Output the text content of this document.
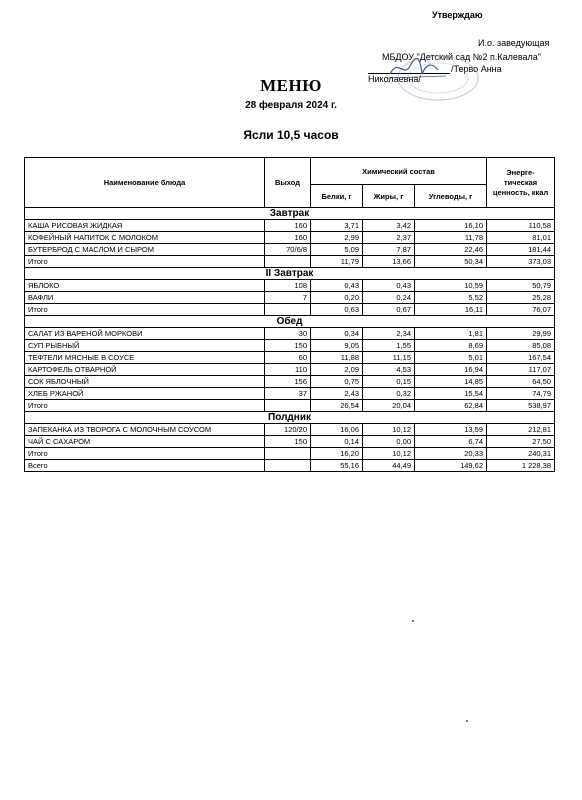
Утверждаю
И.о. заведующая
МБДОУ "Детский сад №2 п.Калевала"
/Терво Анна Николаевна/
МЕНЮ
28 февраля 2024 г.
Ясли 10,5 часов
Наименование блюда	Выход	Химический состав			Энерге-тическая ценность, ккал
		Белки, г	Жиры, г	Углеводы, г	
Завтрак					
КАША РИСОВАЯ ЖИДКАЯ	160	3,71	3,42	16,10	110,58
КОФЕЙНЫЙ НАПИТОК С МОЛОКОМ	160	2,99	2,37	11,78	81,01
БУТЕРБРОД С МАСЛОМ И СЫРОМ	70/6/8	5,09	7,87	22,46	181,44
Итого		11,79	13,66	50,34	373,03
II Завтрак					
ЯБЛОКО	108	0,43	0,43	10,59	50,79
ВАФЛИ	7	0,20	0,24	5,52	25,28
Итого		0,63	0,67	16,11	76,07
Обед					
САЛАТ ИЗ ВАРЕНОЙ МОРКОВИ	30	0,34	2,34	1,81	29,99
СУП РЫБНЫЙ	150	9,05	1,55	8,69	85,08
ТЕФТЕЛИ МЯСНЫЕ В СОУСЕ	60	11,88	11,15	5,01	167,54
КАРТОФЕЛЬ ОТВАРНОЙ	110	2,09	4,53	16,94	117,07
СОК ЯБЛОЧНЫЙ	156	0,75	0,15	14,85	64,50
ХЛЕБ РЖАНОЙ	37	2,43	0,32	15,54	74,79
Итого		26,54	20,04	62,84	538,97
Полдник					
ЗАПЕКАНКА ИЗ ТВОРОГА С МОЛОЧНЫМ СОУСОМ	120/20	16,06	10,12	13,59	212,81
ЧАЙ С САХАРОМ	150	0,14	0,00	6,74	27,50
Итого		16,20	10,12	20,33	240,31
Всего		55,16	44,49	149,62	1 228,38
